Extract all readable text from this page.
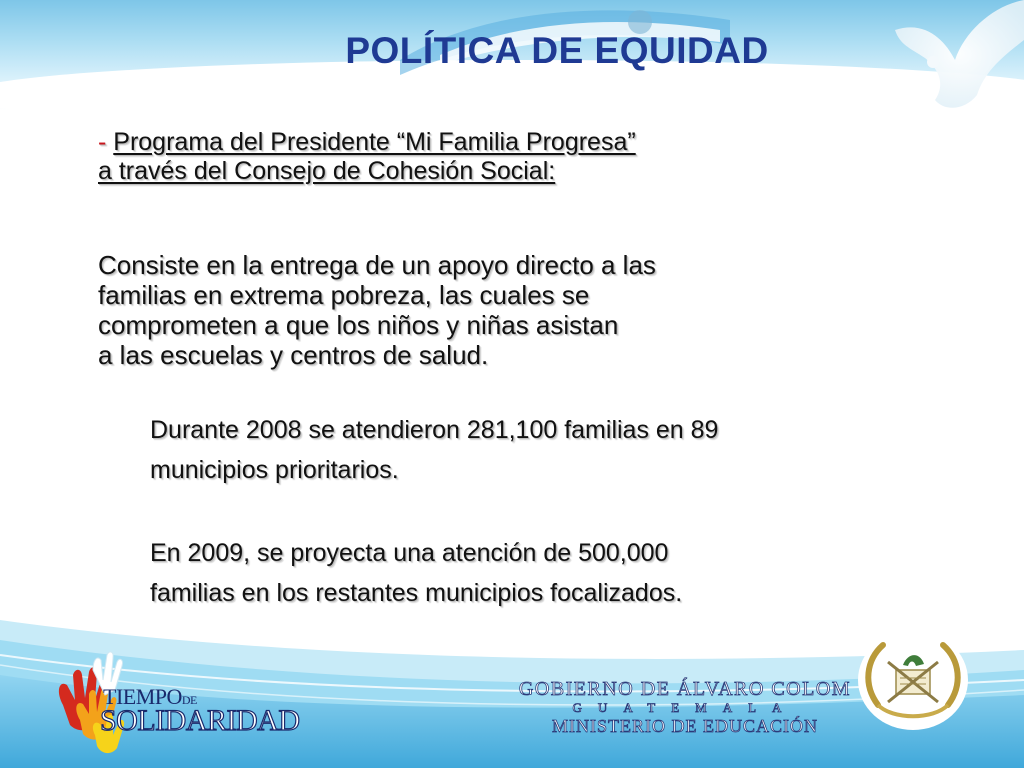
POLÍTICA DE EQUIDAD
- Programa del Presidente “Mi Familia Progresa”
a través del Consejo de Cohesión Social:
Consiste en la entrega de un apoyo directo a las
familias en extrema pobreza, las cuales se
comprometen a que los niños y niñas asistan
a las escuelas y centros de salud.
Durante 2008 se atendieron 281,100 familias en 89
municipios prioritarios.
En 2009, se proyecta una atención de 500,000
familias en los restantes municipios focalizados.
TIEMPODE
SOLIDARIDAD
GOBIERNO DE ÁLVARO COLOM
GUATEMALA
MINISTERIO DE EDUCACIÓN
